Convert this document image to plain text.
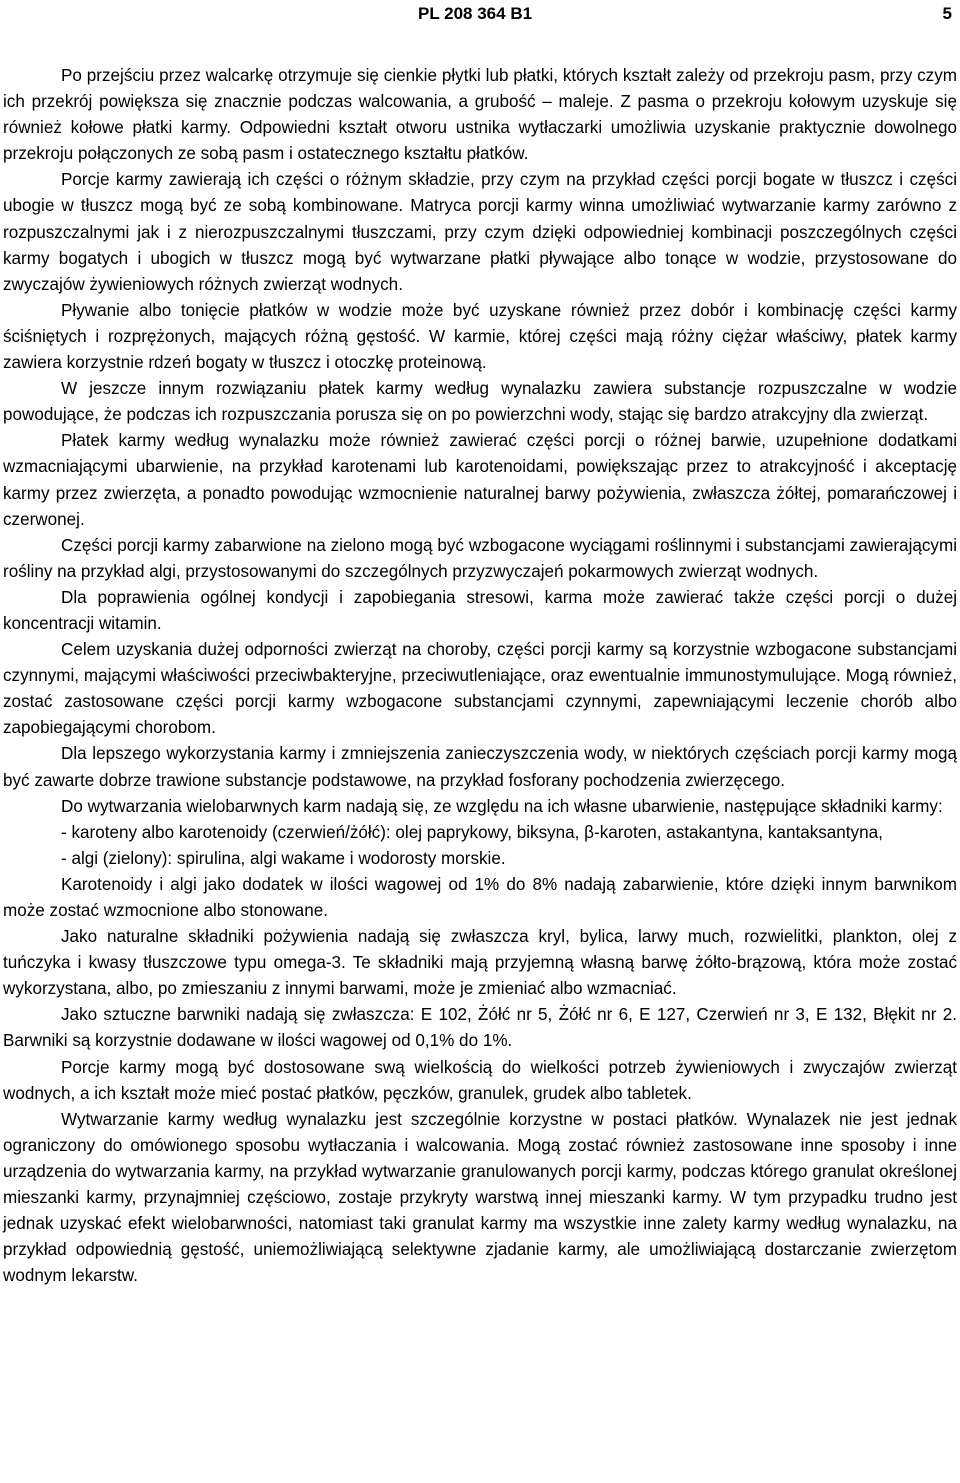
PL 208 364 B1	5

Po przejściu przez walcarkę otrzymuje się cienkie płytki lub płatki, których kształt zależy od przekroju pasm, przy czym ich przekrój powiększa się znacznie podczas walcowania, a grubość – maleje. Z pasma o przekroju kołowym uzyskuje się również kołowe płatki karmy. Odpowiedni kształt otworu ustnika wytłaczarki umożliwia uzyskanie praktycznie dowolnego przekroju połączonych ze sobą pasm i ostatecznego kształtu płatków.

Porcje karmy zawierają ich części o różnym składzie, przy czym na przykład części porcji bogate w tłuszcz i części ubogie w tłuszcz mogą być ze sobą kombinowane. Matryca porcji karmy winna umożliwiać wytwarzanie karmy zarówno z rozpuszczalnymi jak i z nierozpuszczalnymi tłuszczami, przy czym dzięki odpowiedniej kombinacji poszczególnych części karmy bogatych i ubogich w tłuszcz mogą być wytwarzane płatki pływające albo tonące w wodzie, przystosowane do zwyczajów żywieniowych różnych zwierząt wodnych.

Pływanie albo tonięcie płatków w wodzie może być uzyskane również przez dobór i kombinację części karmy ściśniętych i rozprężonych, mających różną gęstość. W karmie, której części mają różny ciężar właściwy, płatek karmy zawiera korzystnie rdzeń bogaty w tłuszcz i otoczkę proteinową.

W jeszcze innym rozwiązaniu płatek karmy według wynalazku zawiera substancje rozpuszczalne w wodzie powodujące, że podczas ich rozpuszczania porusza się on po powierzchni wody, stając się bardzo atrakcyjny dla zwierząt.

Płatek karmy według wynalazku może również zawierać części porcji o różnej barwie, uzupełnione dodatkami wzmacniającymi ubarwienie, na przykład karotenami lub karotenoidami, powiększając przez to atrakcyjność i akceptację karmy przez zwierzęta, a ponadto powodując wzmocnienie naturalnej barwy pożywienia, zwłaszcza żółtej, pomarańczowej i czerwonej.

Części porcji karmy zabarwione na zielono mogą być wzbogacone wyciągami roślinnymi i substancjami zawierającymi rośliny na przykład algi, przystosowanymi do szczególnych przyzwyczajeń pokarmowych zwierząt wodnych.

Dla poprawienia ogólnej kondycji i zapobiegania stresowi, karma może zawierać także części porcji o dużej koncentracji witamin.

Celem uzyskania dużej odporności zwierząt na choroby, części porcji karmy są korzystnie wzbogacone substancjami czynnymi, mającymi właściwości przeciwbakteryjne, przeciwutleniające, oraz ewentualnie immunostymulujące. Mogą również, zostać zastosowane części porcji karmy wzbogacone substancjami czynnymi, zapewniającymi leczenie chorób albo zapobiegającymi chorobom.

Dla lepszego wykorzystania karmy i zmniejszenia zanieczyszczenia wody, w niektórych częściach porcji karmy mogą być zawarte dobrze trawione substancje podstawowe, na przykład fosforany pochodzenia zwierzęcego.

Do wytwarzania wielobarwnych karm nadają się, ze względu na ich własne ubarwienie, następujące składniki karmy:

- karoteny albo karotenoidy (czerwień/żółć): olej paprykowy, biksyna, β-karoten, astakantyna, kantaksantyna,

- algi (zielony): spirulina, algi wakame i wodorosty morskie.

Karotenoidy i algi jako dodatek w ilości wagowej od 1% do 8% nadają zabarwienie, które dzięki innym barwnikom może zostać wzmocnione albo stonowane.

Jako naturalne składniki pożywienia nadają się zwłaszcza kryl, bylica, larwy much, rozwielitki, plankton, olej z tuńczyka i kwasy tłuszczowe typu omega-3. Te składniki mają przyjemną własną barwę żółto-brązową, która może zostać wykorzystana, albo, po zmieszaniu z innymi barwami, może je zmieniać albo wzmacniać.

Jako sztuczne barwniki nadają się zwłaszcza: E 102, Żółć nr 5, Żółć nr 6, E 127, Czerwień nr 3, E 132, Błękit nr 2. Barwniki są korzystnie dodawane w ilości wagowej od 0,1% do 1%.

Porcje karmy mogą być dostosowane swą wielkością do wielkości potrzeb żywieniowych i zwyczajów zwierząt wodnych, a ich kształt może mieć postać płatków, pęczków, granulek, grudek albo tabletek.

Wytwarzanie karmy według wynalazku jest szczególnie korzystne w postaci płatków. Wynalazek nie jest jednak ograniczony do omówionego sposobu wytłaczania i walcowania. Mogą zostać również zastosowane inne sposoby i inne urządzenia do wytwarzania karmy, na przykład wytwarzanie granulowanych porcji karmy, podczas którego granulat określonej mieszanki karmy, przynajmniej częściowo, zostaje przykryty warstwą innej mieszanki karmy. W tym przypadku trudno jest jednak uzyskać efekt wielobarwności, natomiast taki granulat karmy ma wszystkie inne zalety karmy według wynalazku, na przykład odpowiednią gęstość, uniemożliwiającą selektywne zjadanie karmy, ale umożliwiającą dostarczanie zwierzętom wodnym lekarstw.
